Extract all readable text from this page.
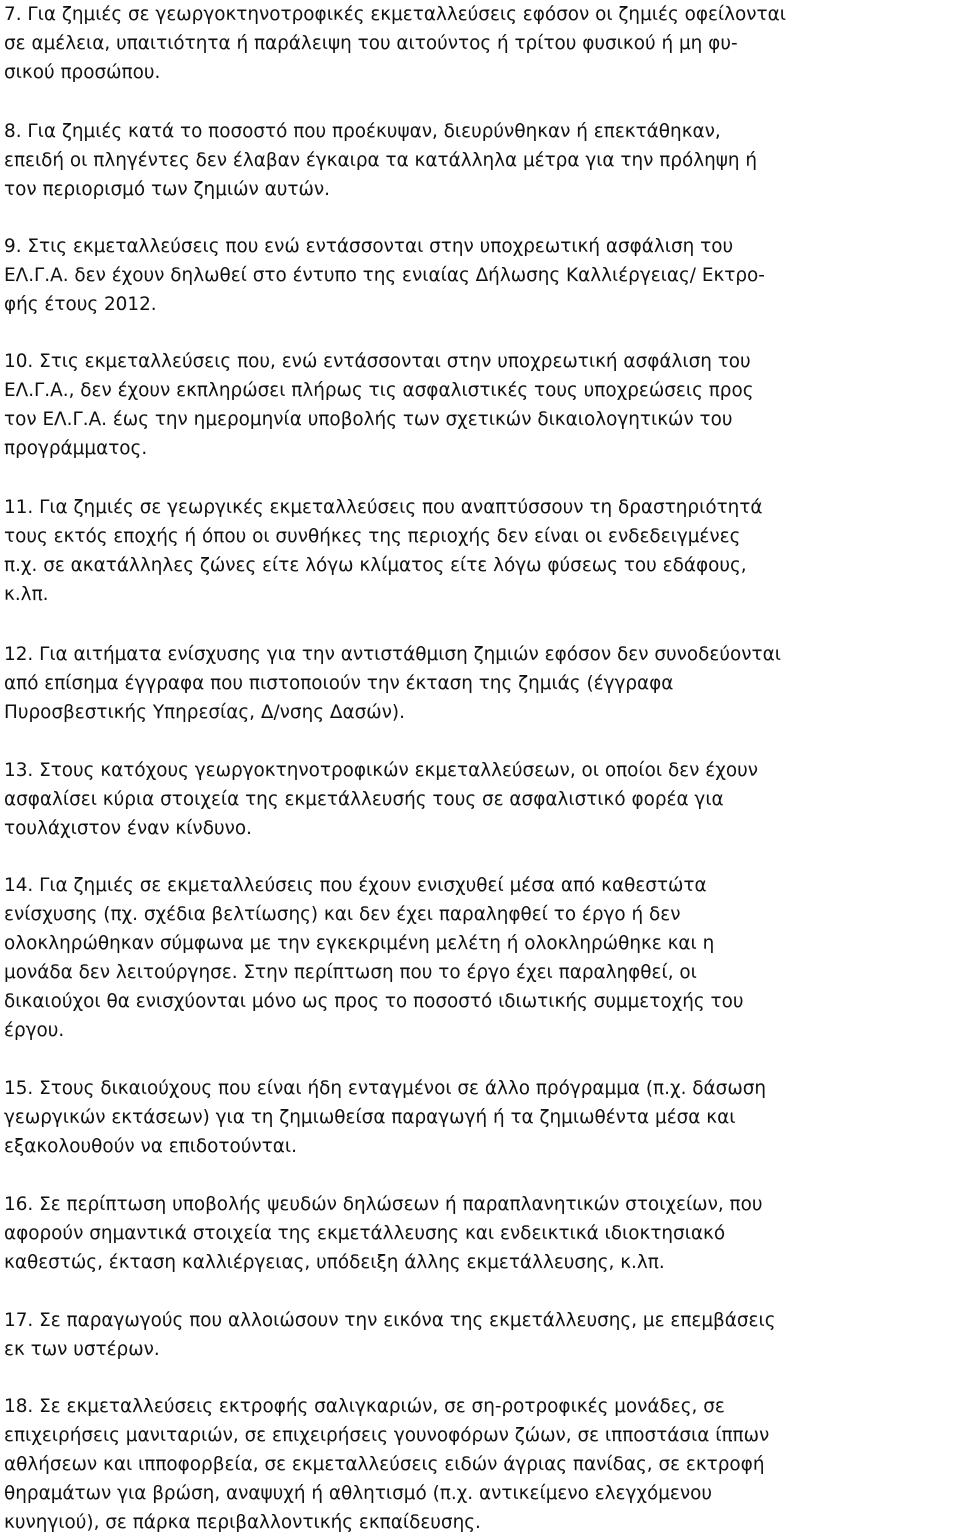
7. Για ζημιές σε γεωργοκτηνοτροφικές εκμεταλλεύσεις εφόσον οι ζημιές οφείλονται
σε αμέλεια, υπαιτιότητα ή παράλειψη του αιτούντος ή τρίτου φυσικού ή μη φυ-
σικού προσώπου.

8. Για ζημιές κατά το ποσοστό που προέκυψαν, διευρύνθηκαν ή επεκτάθηκαν,
επειδή οι πληγέντες δεν έλαβαν έγκαιρα τα κατάλληλα μέτρα για την πρόληψη ή
τον περιορισμό των ζημιών αυτών.

9. Στις εκμεταλλεύσεις που ενώ εντάσσονται στην υποχρεωτική ασφάλιση του
ΕΛ.Γ.Α. δεν έχουν δηλωθεί στο έντυπο της ενιαίας Δήλωσης Καλλιέργειας/ Εκτρο-
φής έτους 2012.

10. Στις εκμεταλλεύσεις που, ενώ εντάσσονται στην υποχρεωτική ασφάλιση του
ΕΛ.Γ.Α., δεν έχουν εκπληρώσει πλήρως τις ασφαλιστικές τους υποχρεώσεις προς
τον ΕΛ.Γ.Α. έως την ημερομηνία υποβολής των σχετικών δικαιολογητικών του
προγράμματος.

11. Για ζημιές σε γεωργικές εκμεταλλεύσεις που αναπτύσσουν τη δραστηριότητά
τους εκτός εποχής ή όπου οι συνθήκες της περιοχής δεν είναι οι ενδεδειγμένες
π.χ. σε ακατάλληλες ζώνες είτε λόγω κλίματος είτε λόγω φύσεως του εδάφους,
κ.λπ.

12. Για αιτήματα ενίσχυσης για την αντιστάθμιση ζημιών εφόσον δεν συνοδεύονται
από επίσημα έγγραφα που πιστοποιούν την έκταση της ζημιάς (έγγραφα
Πυροσβεστικής Υπηρεσίας, Δ/νσης Δασών).

13. Στους κατόχους γεωργοκτηνοτροφικών εκμεταλλεύσεων, οι οποίοι δεν έχουν
ασφαλίσει κύρια στοιχεία της εκμετάλλευσής τους σε ασφαλιστικό φορέα για
τουλάχιστον έναν κίνδυνο.

14. Για ζημιές σε εκμεταλλεύσεις που έχουν ενισχυθεί μέσα από καθεστώτα
ενίσχυσης (πχ. σχέδια βελτίωσης) και δεν έχει παραληφθεί το έργο ή δεν
ολοκληρώθηκαν σύμφωνα με την εγκεκριμένη μελέτη ή ολοκληρώθηκε και η
μονάδα δεν λειτούργησε. Στην περίπτωση που το έργο έχει παραληφθεί, οι
δικαιούχοι θα ενισχύονται μόνο ως προς το ποσοστό ιδιωτικής συμμετοχής του
έργου.

15. Στους δικαιούχους που είναι ήδη ενταγμένοι σε άλλο πρόγραμμα (π.χ. δάσωση
γεωργικών εκτάσεων) για τη ζημιωθείσα παραγωγή ή τα ζημιωθέντα μέσα και
εξακολουθούν να επιδοτούνται.

16. Σε περίπτωση υποβολής ψευδών δηλώσεων ή παραπλανητικών στοιχείων, που
αφορούν σημαντικά στοιχεία της εκμετάλλευσης και ενδεικτικά ιδιοκτησιακό
καθεστώς, έκταση καλλιέργειας, υπόδειξη άλλης εκμετάλλευσης, κ.λπ.

17. Σε παραγωγούς που αλλοιώσουν την εικόνα της εκμετάλλευσης, με επεμβάσεις
εκ των υστέρων.

18. Σε εκμεταλλεύσεις εκτροφής σαλιγκαριών, σε ση-ροτροφικές μονάδες, σε
επιχειρήσεις μανιταριών, σε επιχειρήσεις γουνοφόρων ζώων, σε ιπποστάσια ίππων
αθλήσεων και ιπποφορβεία, σε εκμεταλλεύσεις ειδών άγριας πανίδας, σε εκτροφή
θηραμάτων για βρώση, αναψυχή ή αθλητισμό (π.χ. αντικείμενο ελεγχόμενου
κυνηγιού), σε πάρκα περιβαλλοντικής εκπαίδευσης.
